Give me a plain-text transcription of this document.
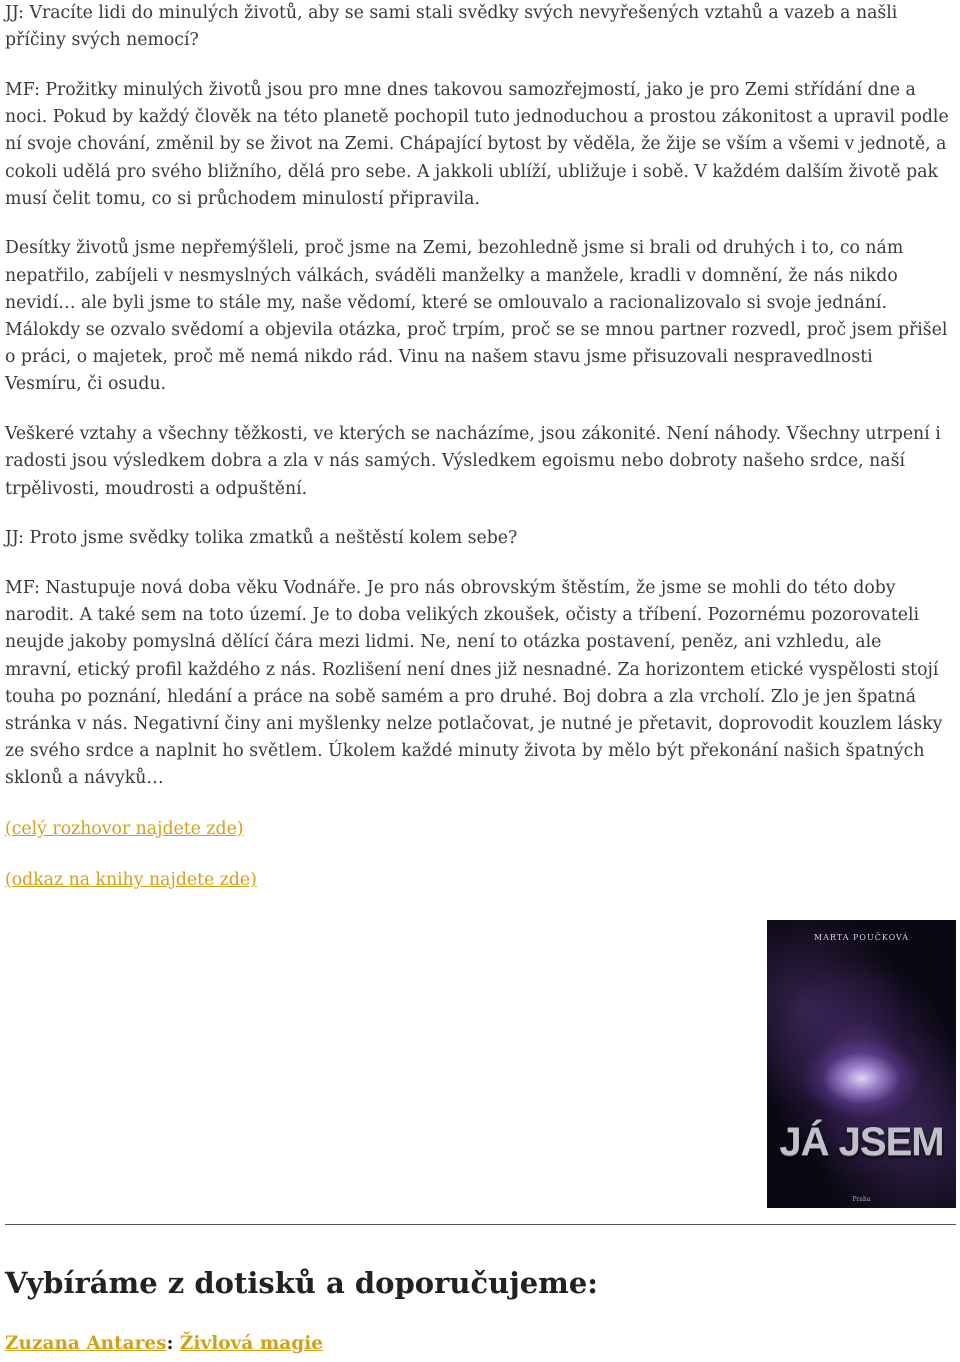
JJ: Vracíte lidi do minulých životů, aby se sami stali svědky svých nevyřešených vztahů a vazeb a našli příčiny svých nemocí?

MF: Prožitky minulých životů jsou pro mne dnes takovou samozřejmostí, jako je pro Zemi střídání dne a noci. Pokud by každý člověk na této planetě pochopil tuto jednoduchou a prostou zákonitost a upravil podle ní svoje chování, změnil by se život na Zemi. Chápající bytost by věděla, že žije se vším a všemi v jednotě, a cokoli udělá pro svého bližního, dělá pro sebe. A jakkoli ublíží, ubližuje i sobě. V každém dalším životě pak musí čelit tomu, co si průchodem minulostí připravila.

Desítky životů jsme nepřemýšleli, proč jsme na Zemi, bezohledně jsme si brali od druhých i to, co nám nepatřilo, zabíjeli v nesmyslných válkách, sváděli manželky a manžele, kradli v domnění, že nás nikdo nevidí… ale byli jsme to stále my, naše vědomí, které se omlouvalo a racionalizovalo si svoje jednání. Málokdy se ozvalo svědomí a objevila otázka, proč trpím, proč se se mnou partner rozvedl, proč jsem přišel o práci, o majetek, proč mě nemá nikdo rád. Vinu na našem stavu jsme přisuzovali nespravedlnosti Vesmíru, či osudu.

Veškeré vztahy a všechny těžkosti, ve kterých se nacházíme, jsou zákonité. Není náhody. Všechny utrpení i radosti jsou výsledkem dobra a zla v nás samých. Výsledkem egoismu nebo dobroty našeho srdce, naší trpělivosti, moudrosti a odpuštění.

JJ: Proto jsme svědky tolika zmatků a neštěstí kolem sebe?

MF: Nastupuje nová doba věku Vodnáře. Je pro nás obrovským štěstím, že jsme se mohli do této doby narodit. A také sem na toto území. Je to doba velikých zkoušek, očisty a tříbení. Pozornému pozorovateli neujde jakoby pomyslná dělící čára mezi lidmi. Ne, není to otázka postavení, peněz, ani vzhledu, ale mravní, etický profil každého z nás. Rozlišení není dnes již nesnadné. Za horizontem etické vyspělosti stojí touha po poznání, hledání a práce na sobě samém a pro druhé. Boj dobra a zla vrcholí. Zlo je jen špatná stránka v nás. Negativní činy ani myšlenky nelze potlačovat, je nutné je přetavit, doprovodit kouzlem lásky ze svého srdce a naplnit ho světlem. Úkolem každé minuty života by mělo být překonání našich špatných sklonů a návyků…

(celý rozhovor najdete zde)

(odkaz na knihy najdete zde)

MARTA POUČKOVÁ
JÁ JSEM
Praha
Vybíráme z dotisků a doporučujeme:

Zuzana Antares: Živlová magie
